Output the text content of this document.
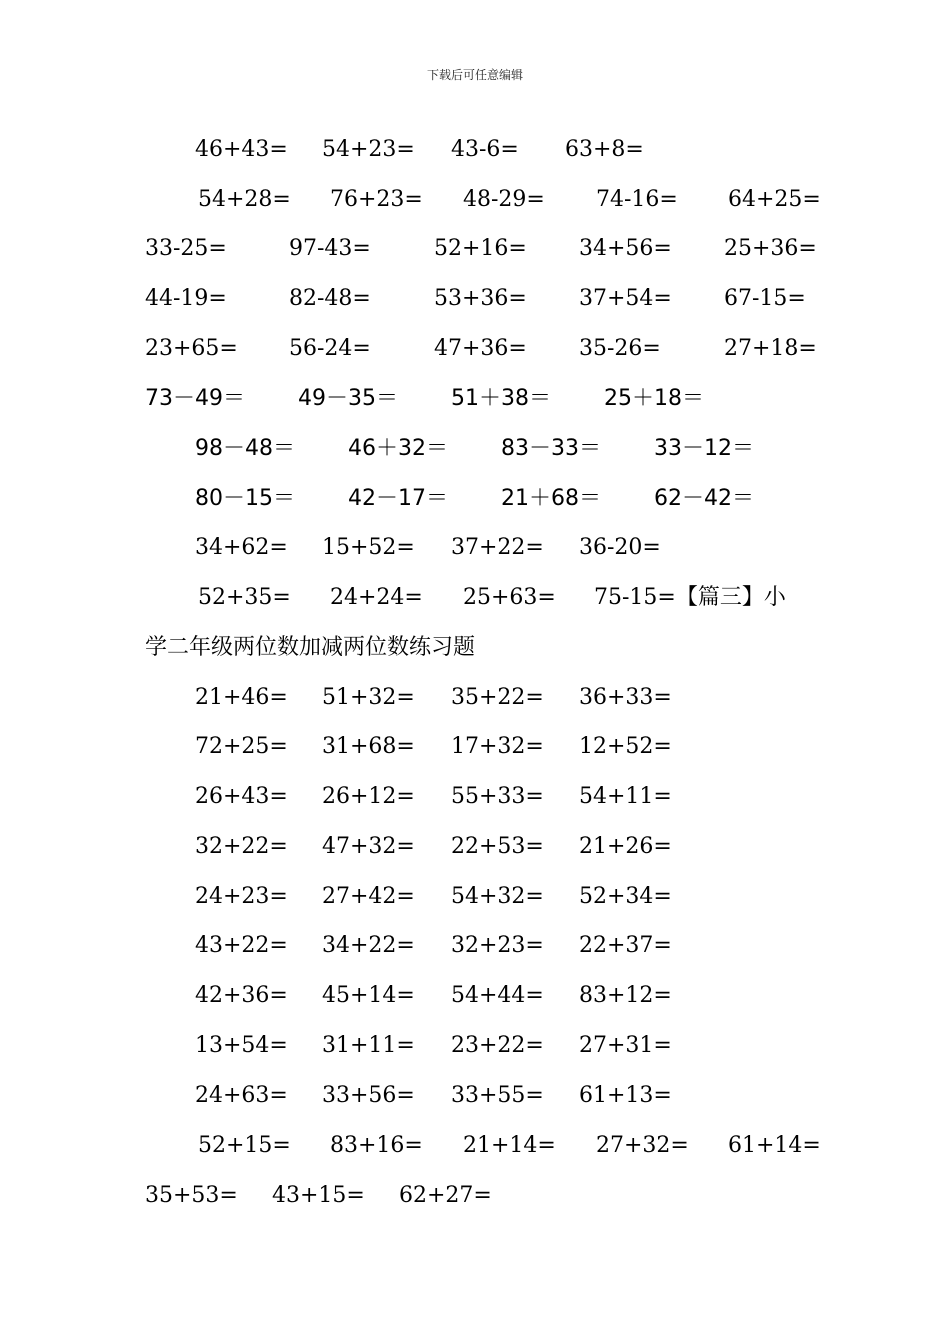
下载后可任意编辑
46+43= 54+23= 43-6= 63+8=
54+28= 76+23= 48-29= 74-16= 64+25=
33-25=	97-43=	52+16= 34+56= 25+36=
44-19=	82-48=	53+36= 37+54= 67-15=
23+65= 56-24=	47+36= 35-26=	27+18=
73－49＝ 49－35＝ 51＋38＝ 25＋18＝
98－48＝ 46＋32＝ 83－33＝ 33－12＝
80－15＝ 42－17＝ 21＋68＝ 62－42＝
34+62= 15+52= 37+22= 36-20=
52+35= 24+24= 25+63= 75-15=【篇三】小
学二年级两位数加减两位数练习题
21+46= 51+32= 35+22= 36+33=
72+25= 31+68= 17+32= 12+52=
26+43= 26+12= 55+33= 54+11=
32+22= 47+32= 22+53= 21+26=
24+23= 27+42= 54+32= 52+34=
43+22= 34+22= 32+23= 22+37=
42+36= 45+14= 54+44= 83+12=
13+54= 31+11= 23+22= 27+31=
24+63= 33+56= 33+55= 61+13=
52+15= 83+16= 21+14= 27+32= 61+14=
35+53= 43+15= 62+27=
